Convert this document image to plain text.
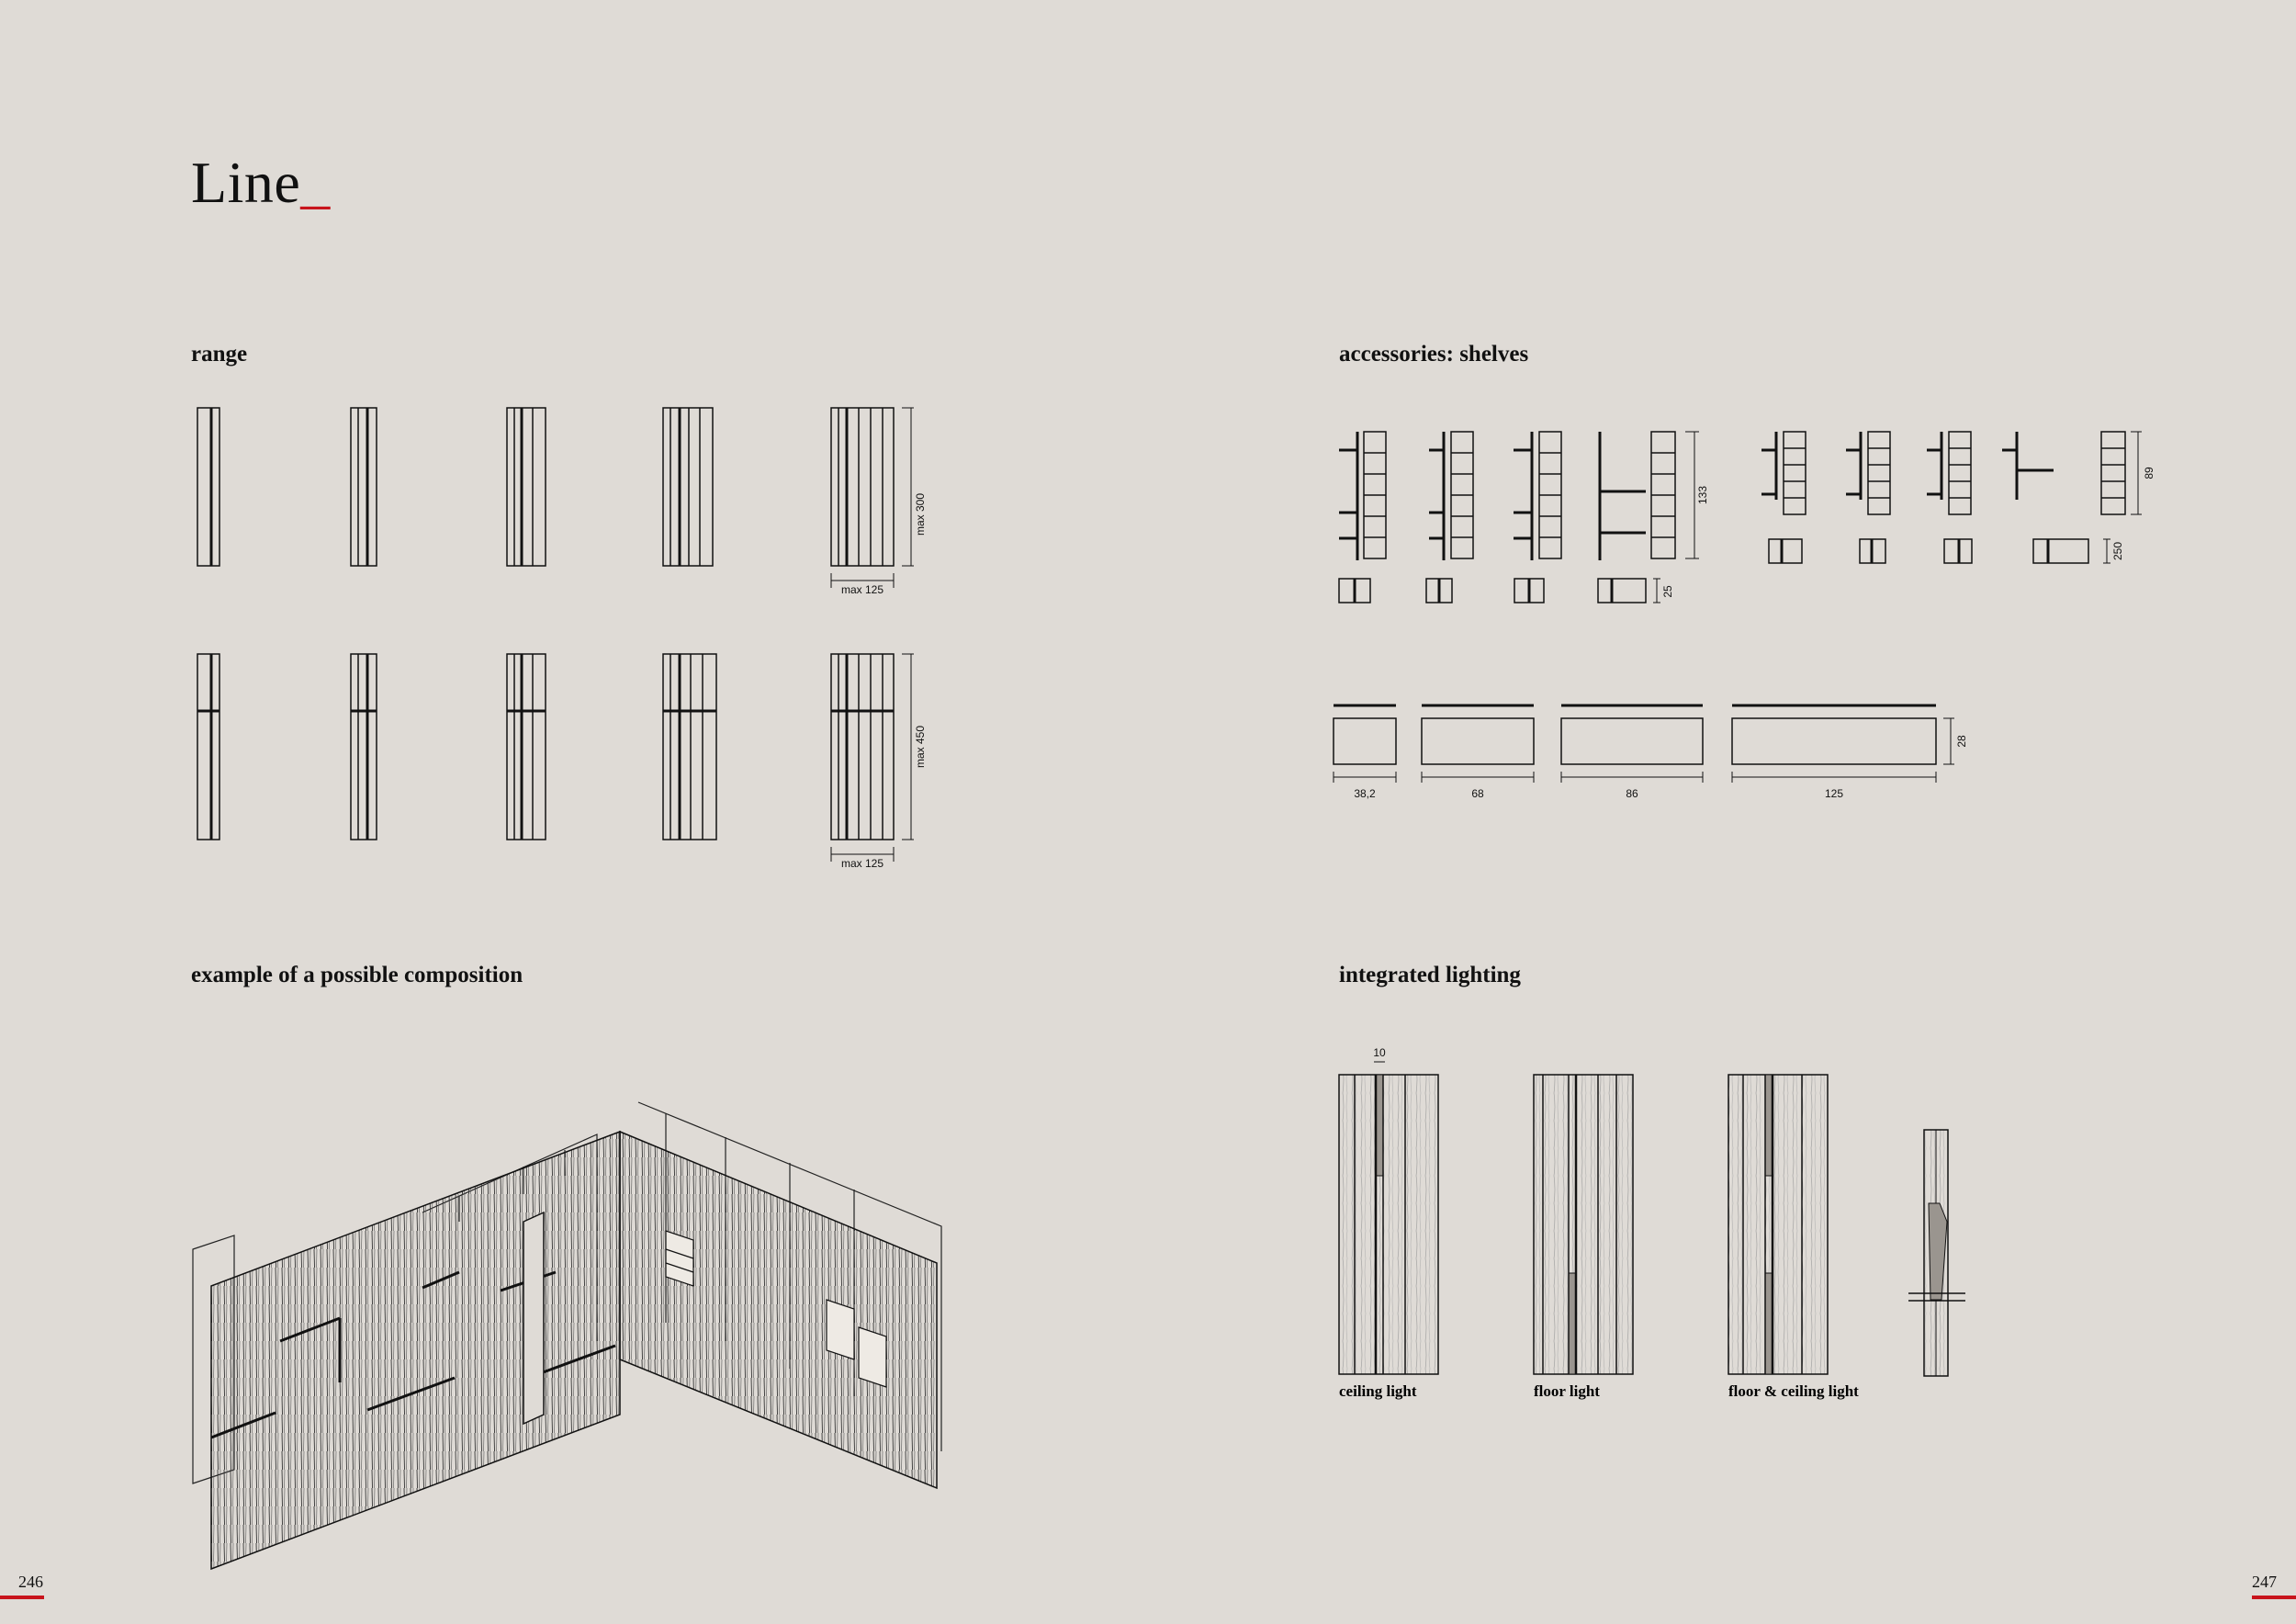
Line_
range	accessories: shelves
example of a possible composition	integrated lighting
max 300
max 125
max 450
max 125
133
25
89
250
28
38,2	68	86	125
10
ceiling light	floor light	floor & ceiling light
246	247
